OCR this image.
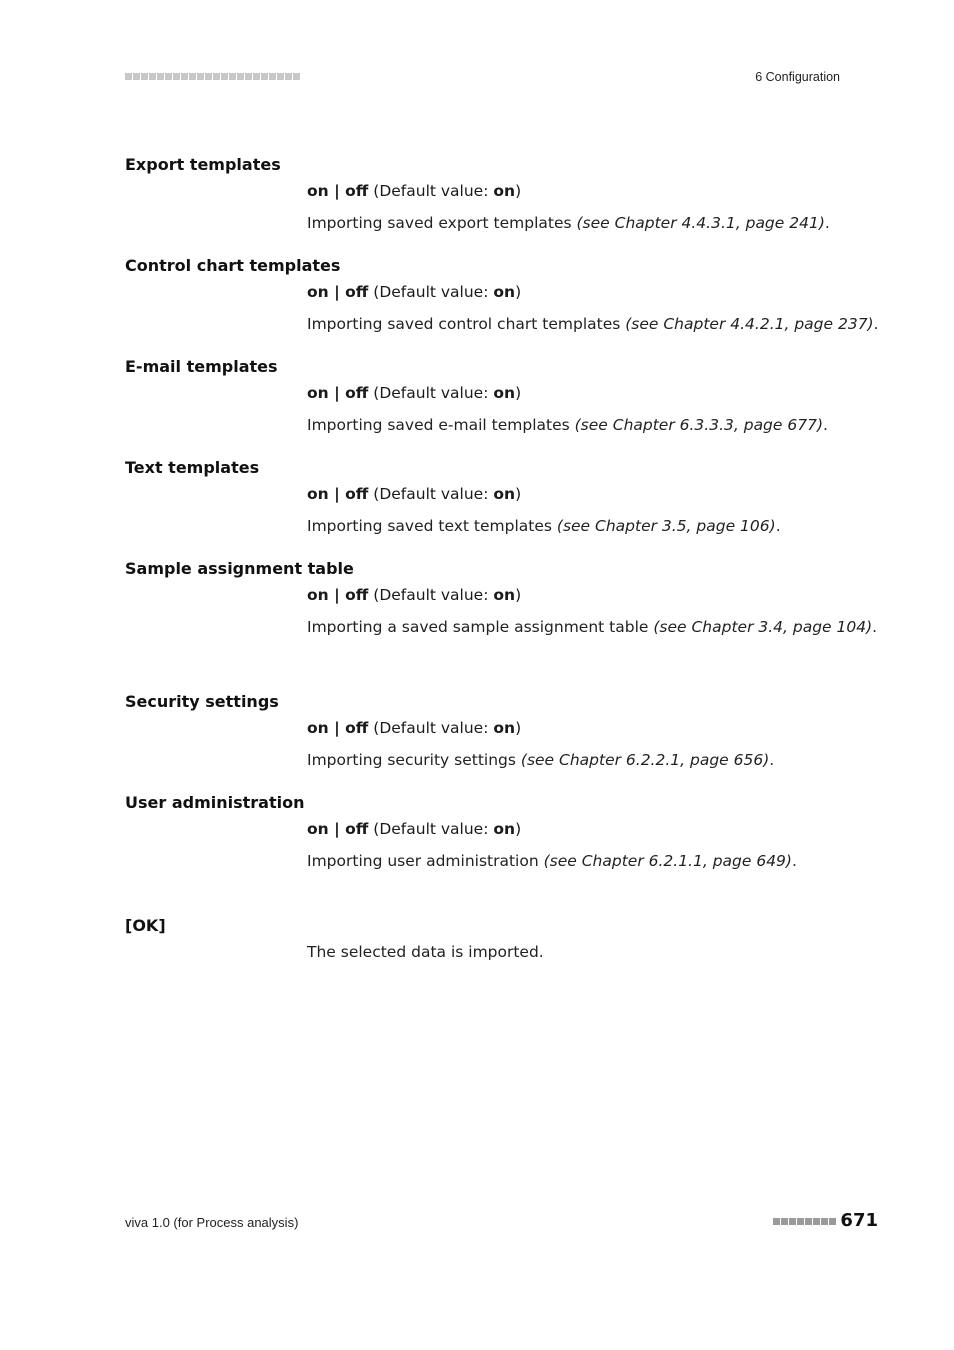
6 Configuration
Export templates
on | off (Default value: on)
Importing saved export templates (see Chapter 4.4.3.1, page 241).
Control chart templates
on | off (Default value: on)
Importing saved control chart templates (see Chapter 4.4.2.1, page 237).
E-mail templates
on | off (Default value: on)
Importing saved e-mail templates (see Chapter 6.3.3.3, page 677).
Text templates
on | off (Default value: on)
Importing saved text templates (see Chapter 3.5, page 106).
Sample assignment table
on | off (Default value: on)
Importing a saved sample assignment table (see Chapter 3.4, page 104).
Security settings
on | off (Default value: on)
Importing security settings (see Chapter 6.2.2.1, page 656).
User administration
on | off (Default value: on)
Importing user administration (see Chapter 6.2.1.1, page 649).
[OK]
The selected data is imported.
viva 1.0 (for Process analysis)	671
